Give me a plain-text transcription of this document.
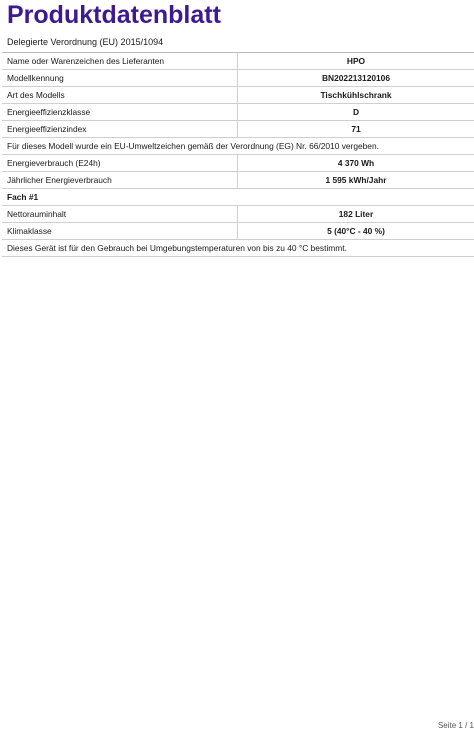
Produktdatenblatt
Delegierte Verordnung (EU) 2015/1094
Name oder Warenzeichen des Lieferanten	HPO
Modellkennung	BN202213120106
Art des Modells	Tischkühlschrank
Energieeffizienzklasse	D
Energieeffizienzindex	71
Für dieses Modell wurde ein EU-Umweltzeichen gemäß der Verordnung (EG) Nr. 66/2010 vergeben.
Energieverbrauch (E24h)	4 370 Wh
Jährlicher Energieverbrauch	1 595 kWh/Jahr
Fach #1
Nettorauminhalt	182 Liter
Klimaklasse	5 (40°C - 40 %)
Dieses Gerät ist für den Gebrauch bei Umgebungstemperaturen von bis zu 40 °C bestimmt.
Seite 1 / 1
